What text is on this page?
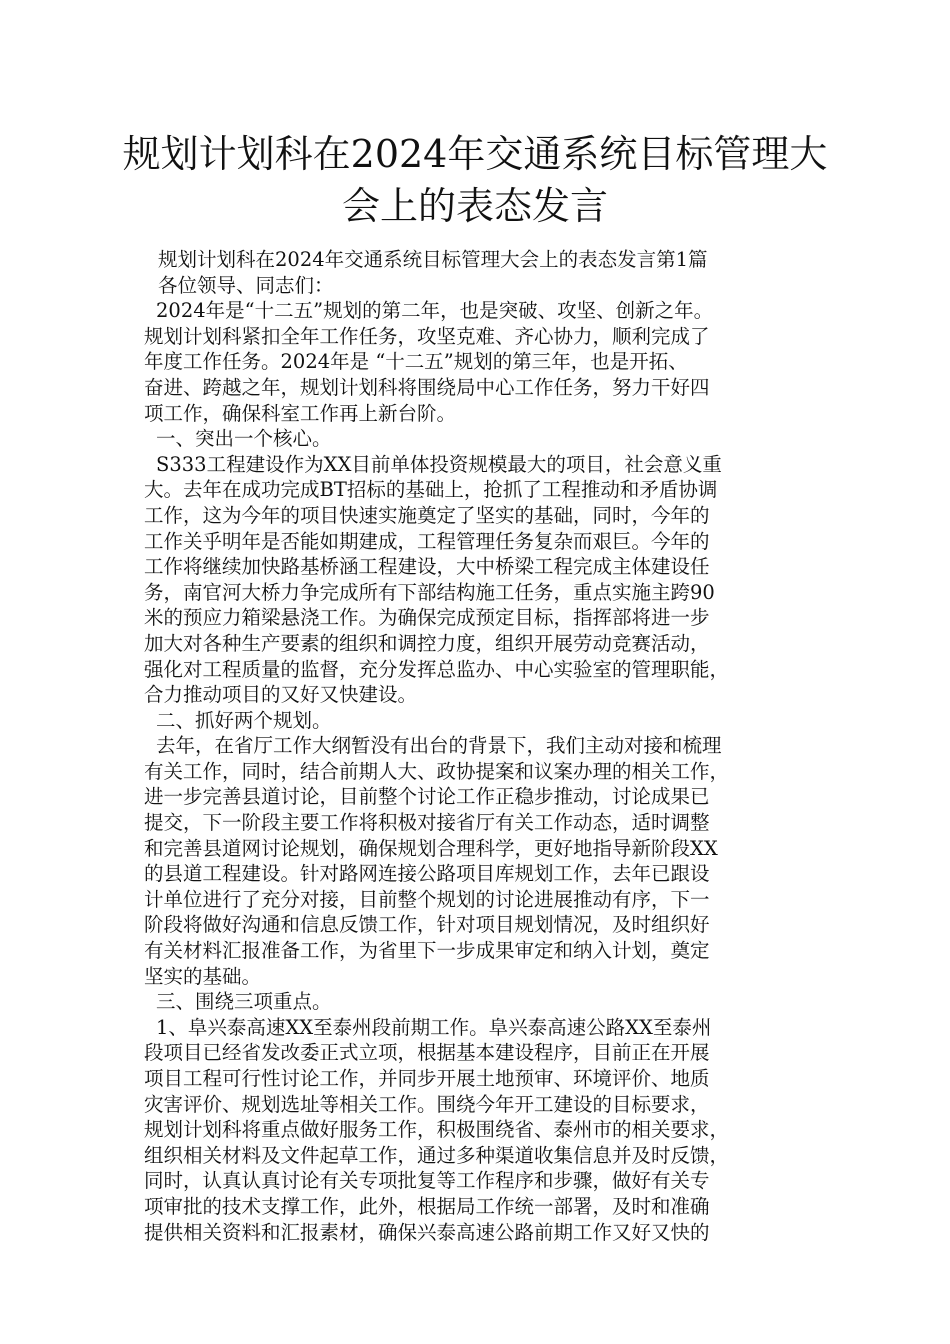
规划计划科在2024年交通系统目标管理大
会上的表态发言

规划计划科在2024年交通系统目标管理大会上的表态发言第1篇

各位领导、同志们：

2024年是“十二五”规划的第二年，也是突破、攻坚、创新之年。
规划计划科紧扣全年工作任务，攻坚克难、齐心协力，顺利完成了
年度工作任务。2024年是 “十二五”规划的第三年，也是开拓、
奋进、跨越之年，规划计划科将围绕局中心工作任务，努力干好四
项工作，确保科室工作再上新台阶。

一、突出一个核心。

S333工程建设作为XX目前单体投资规模最大的项目，社会意义重
大。去年在成功完成BT招标的基础上，抢抓了工程推动和矛盾协调
工作，这为今年的项目快速实施奠定了坚实的基础，同时，今年的
工作关乎明年是否能如期建成，工程管理任务复杂而艰巨。今年的
工作将继续加快路基桥涵工程建设，大中桥梁工程完成主体建设任
务，南官河大桥力争完成所有下部结构施工任务，重点实施主跨90
米的预应力箱梁悬浇工作。为确保完成预定目标，指挥部将进一步
加大对各种生产要素的组织和调控力度，组织开展劳动竞赛活动，
强化对工程质量的监督，充分发挥总监办、中心实验室的管理职能，
合力推动项目的又好又快建设。

二、抓好两个规划。

去年，在省厅工作大纲暂没有出台的背景下，我们主动对接和梳理
有关工作，同时，结合前期人大、政协提案和议案办理的相关工作，
进一步完善县道讨论，目前整个讨论工作正稳步推动，讨论成果已
提交，下一阶段主要工作将积极对接省厅有关工作动态，适时调整
和完善县道网讨论规划，确保规划合理科学，更好地指导新阶段XX
的县道工程建设。针对路网连接公路项目库规划工作，去年已跟设
计单位进行了充分对接，目前整个规划的讨论进展推动有序，下一
阶段将做好沟通和信息反馈工作，针对项目规划情况，及时组织好
有关材料汇报准备工作，为省里下一步成果审定和纳入计划，奠定
坚实的基础。

三、围绕三项重点。

1、阜兴泰高速XX至泰州段前期工作。阜兴泰高速公路XX至泰州
段项目已经省发改委正式立项，根据基本建设程序，目前正在开展
项目工程可行性讨论工作，并同步开展土地预审、环境评价、地质
灾害评价、规划选址等相关工作。围绕今年开工建设的目标要求，
规划计划科将重点做好服务工作，积极围绕省、泰州市的相关要求，
组织相关材料及文件起草工作，通过多种渠道收集信息并及时反馈，
同时，认真认真讨论有关专项批复等工作程序和步骤，做好有关专
项审批的技术支撑工作，此外，根据局工作统一部署，及时和准确
提供相关资料和汇报素材，确保兴泰高速公路前期工作又好又快的
